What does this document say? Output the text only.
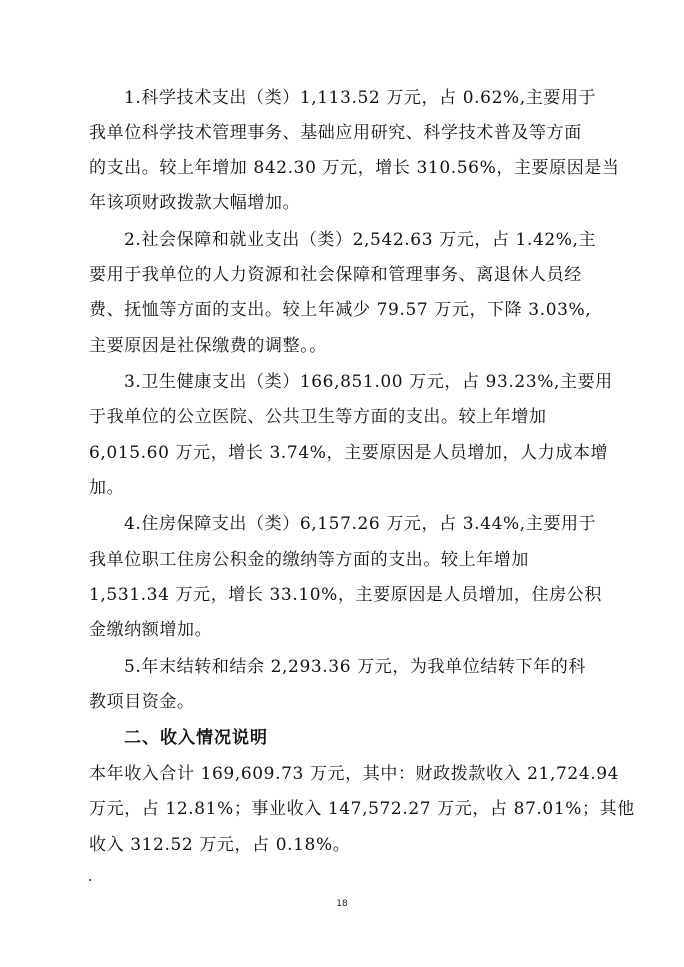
1.科学技术支出（类）1,113.52 万元，占 0.62%,主要用于
我单位科学技术管理事务、基础应用研究、科学技术普及等方面
的支出。较上年增加 842.30 万元，增长 310.56%，主要原因是当
年该项财政拨款大幅增加。
2.社会保障和就业支出（类）2,542.63 万元，占 1.42%,主
要用于我单位的人力资源和社会保障和管理事务、离退休人员经
费、抚恤等方面的支出。较上年减少 79.57 万元，下降 3.03%,
主要原因是社保缴费的调整。。
3.卫生健康支出（类）166,851.00 万元，占 93.23%,主要用
于我单位的公立医院、公共卫生等方面的支出。较上年增加
6,015.60 万元，增长 3.74%，主要原因是人员增加，人力成本增
加。
4.住房保障支出（类）6,157.26 万元，占 3.44%,主要用于
我单位职工住房公积金的缴纳等方面的支出。较上年增加
1,531.34 万元，增长 33.10%，主要原因是人员增加，住房公积
金缴纳额增加。
5.年末结转和结余 2,293.36 万元，为我单位结转下年的科
教项目资金。
二、收入情况说明
本年收入合计 169,609.73 万元，其中：财政拨款收入 21,724.94
万元，占 12.81%；事业收入 147,572.27 万元，占 87.01%；其他
收入 312.52 万元，占 0.18%。
18
